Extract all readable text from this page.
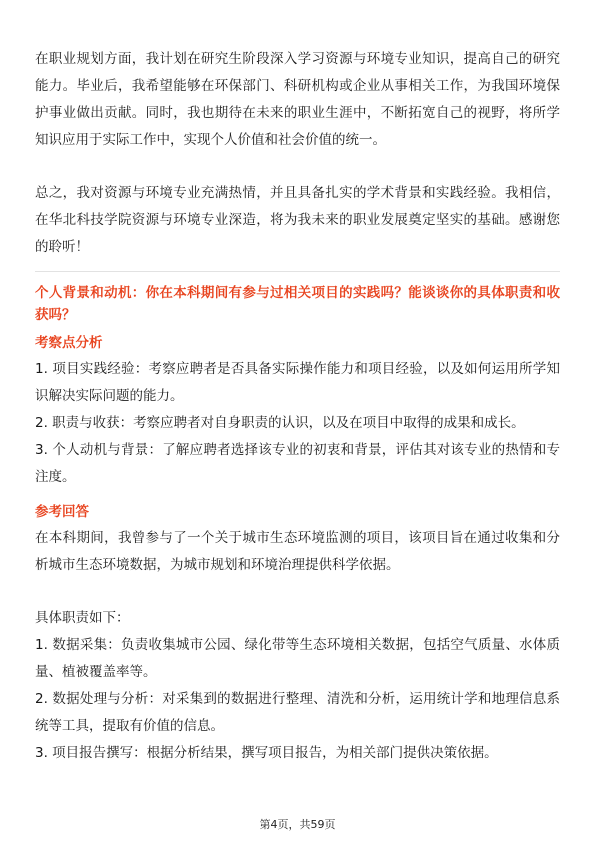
在职业规划方面，我计划在研究生阶段深入学习资源与环境专业知识，提高自己的研究能力。毕业后，我希望能够在环保部门、科研机构或企业从事相关工作，为我国环境保护事业做出贡献。同时，我也期待在未来的职业生涯中，不断拓宽自己的视野，将所学知识应用于实际工作中，实现个人价值和社会价值的统一。

总之，我对资源与环境专业充满热情，并且具备扎实的学术背景和实践经验。我相信，在华北科技学院资源与环境专业深造，将为我未来的职业发展奠定坚实的基础。感谢您的聆听！

个人背景和动机：你在本科期间有参与过相关项目的实践吗？能谈谈你的具体职责和收获吗？

考察点分析

1. 项目实践经验：考察应聘者是否具备实际操作能力和项目经验，以及如何运用所学知识解决实际问题的能力。

2. 职责与收获：考察应聘者对自身职责的认识，以及在项目中取得的成果和成长。

3. 个人动机与背景：了解应聘者选择该专业的初衷和背景，评估其对该专业的热情和专注度。

参考回答

在本科期间，我曾参与了一个关于城市生态环境监测的项目，该项目旨在通过收集和分析城市生态环境数据，为城市规划和环境治理提供科学依据。

具体职责如下：

1. 数据采集：负责收集城市公园、绿化带等生态环境相关数据，包括空气质量、水体质量、植被覆盖率等。

2. 数据处理与分析：对采集到的数据进行整理、清洗和分析，运用统计学和地理信息系统等工具，提取有价值的信息。

3. 项目报告撰写：根据分析结果，撰写项目报告，为相关部门提供决策依据。

第4页，共59页
